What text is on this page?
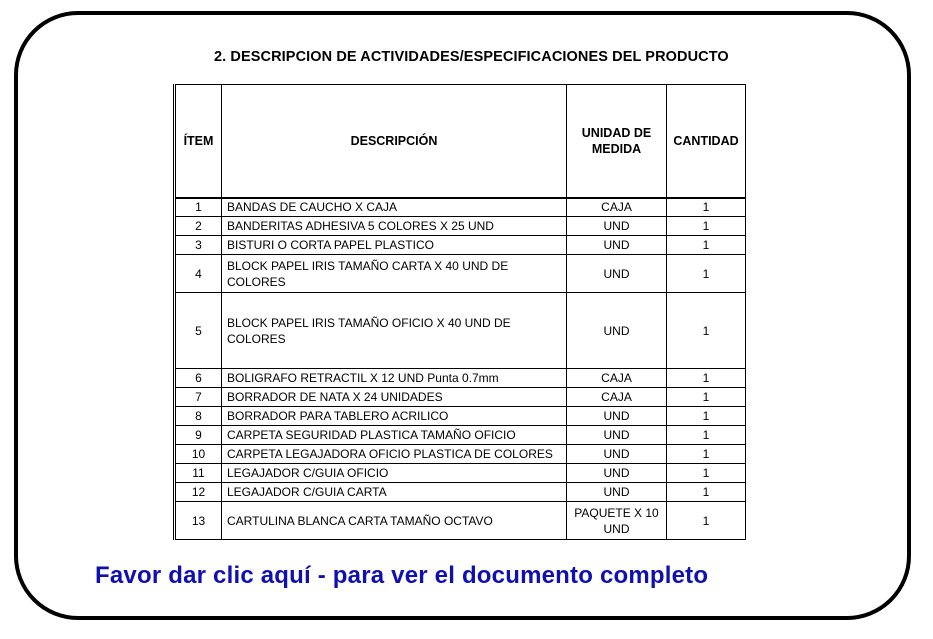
2. DESCRIPCION DE ACTIVIDADES/ESPECIFICACIONES DEL PRODUCTO
ÍTEM	DESCRIPCIÓN	UNIDAD DE MEDIDA	CANTIDAD
1	BANDAS DE CAUCHO X CAJA	CAJA	1
2	BANDERITAS ADHESIVA 5 COLORES X 25 UND	UND	1
3	BISTURI O CORTA PAPEL PLASTICO	UND	1
4	BLOCK PAPEL IRIS TAMAÑO CARTA X 40 UND DE COLORES	UND	1
5	BLOCK PAPEL IRIS TAMAÑO OFICIO X 40 UND DE COLORES	UND	1
6	BOLIGRAFO RETRACTIL X 12 UND Punta 0.7mm	CAJA	1
7	BORRADOR DE NATA X 24 UNIDADES	CAJA	1
8	BORRADOR PARA TABLERO ACRILICO	UND	1
9	CARPETA SEGURIDAD PLASTICA TAMAÑO OFICIO	UND	1
10	CARPETA LEGAJADORA OFICIO PLASTICA DE COLORES	UND	1
11	LEGAJADOR C/GUIA OFICIO	UND	1
12	LEGAJADOR C/GUIA CARTA	UND	1
13	CARTULINA BLANCA CARTA TAMAÑO OCTAVO	PAQUETE X 10 UND	1
Favor dar clic aquí - para ver el documento completo
